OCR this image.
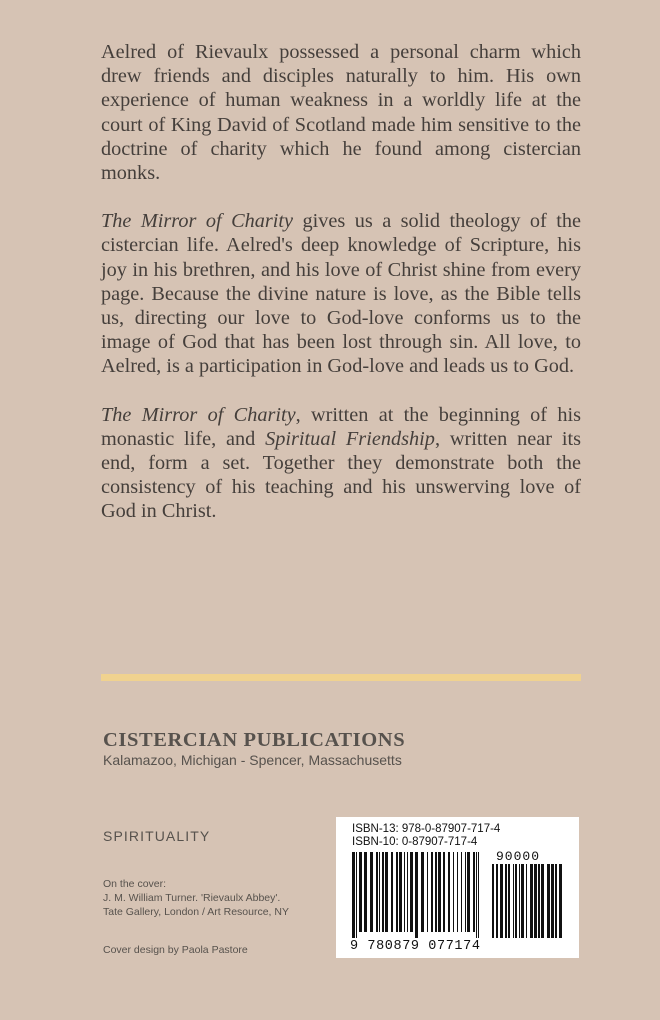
Aelred of Rievaulx possessed a personal charm which drew friends and disciples naturally to him. His own experience of human weakness in a worldly life at the court of King David of Scotland made him sensitive to the doctrine of charity which he found among cistercian monks.

The Mirror of Charity gives us a solid theology of the cistercian life. Aelred's deep knowledge of Scripture, his joy in his brethren, and his love of Christ shine from every page. Because the divine nature is love, as the Bible tells us, directing our love to God-love conforms us to the image of God that has been lost through sin. All love, to Aelred, is a participation in God-love and leads us to God.

The Mirror of Charity, written at the beginning of his monastic life, and Spiritual Friendship, written near its end, form a set. Together they demonstrate both the consistency of his teaching and his unswerving love of God in Christ.

CISTERCIAN PUBLICATIONS
Kalamazoo, Michigan - Spencer, Massachusetts
SPIRITUALITY
On the cover:
J. M. William Turner. 'Rievaulx Abbey'.
Tate Gallery, London / Art Resource, NY
Cover design by Paola Pastore
ISBN-13: 978-0-87907-717-4
ISBN-10: 0-87907-717-4
90000
9 780879 077174
